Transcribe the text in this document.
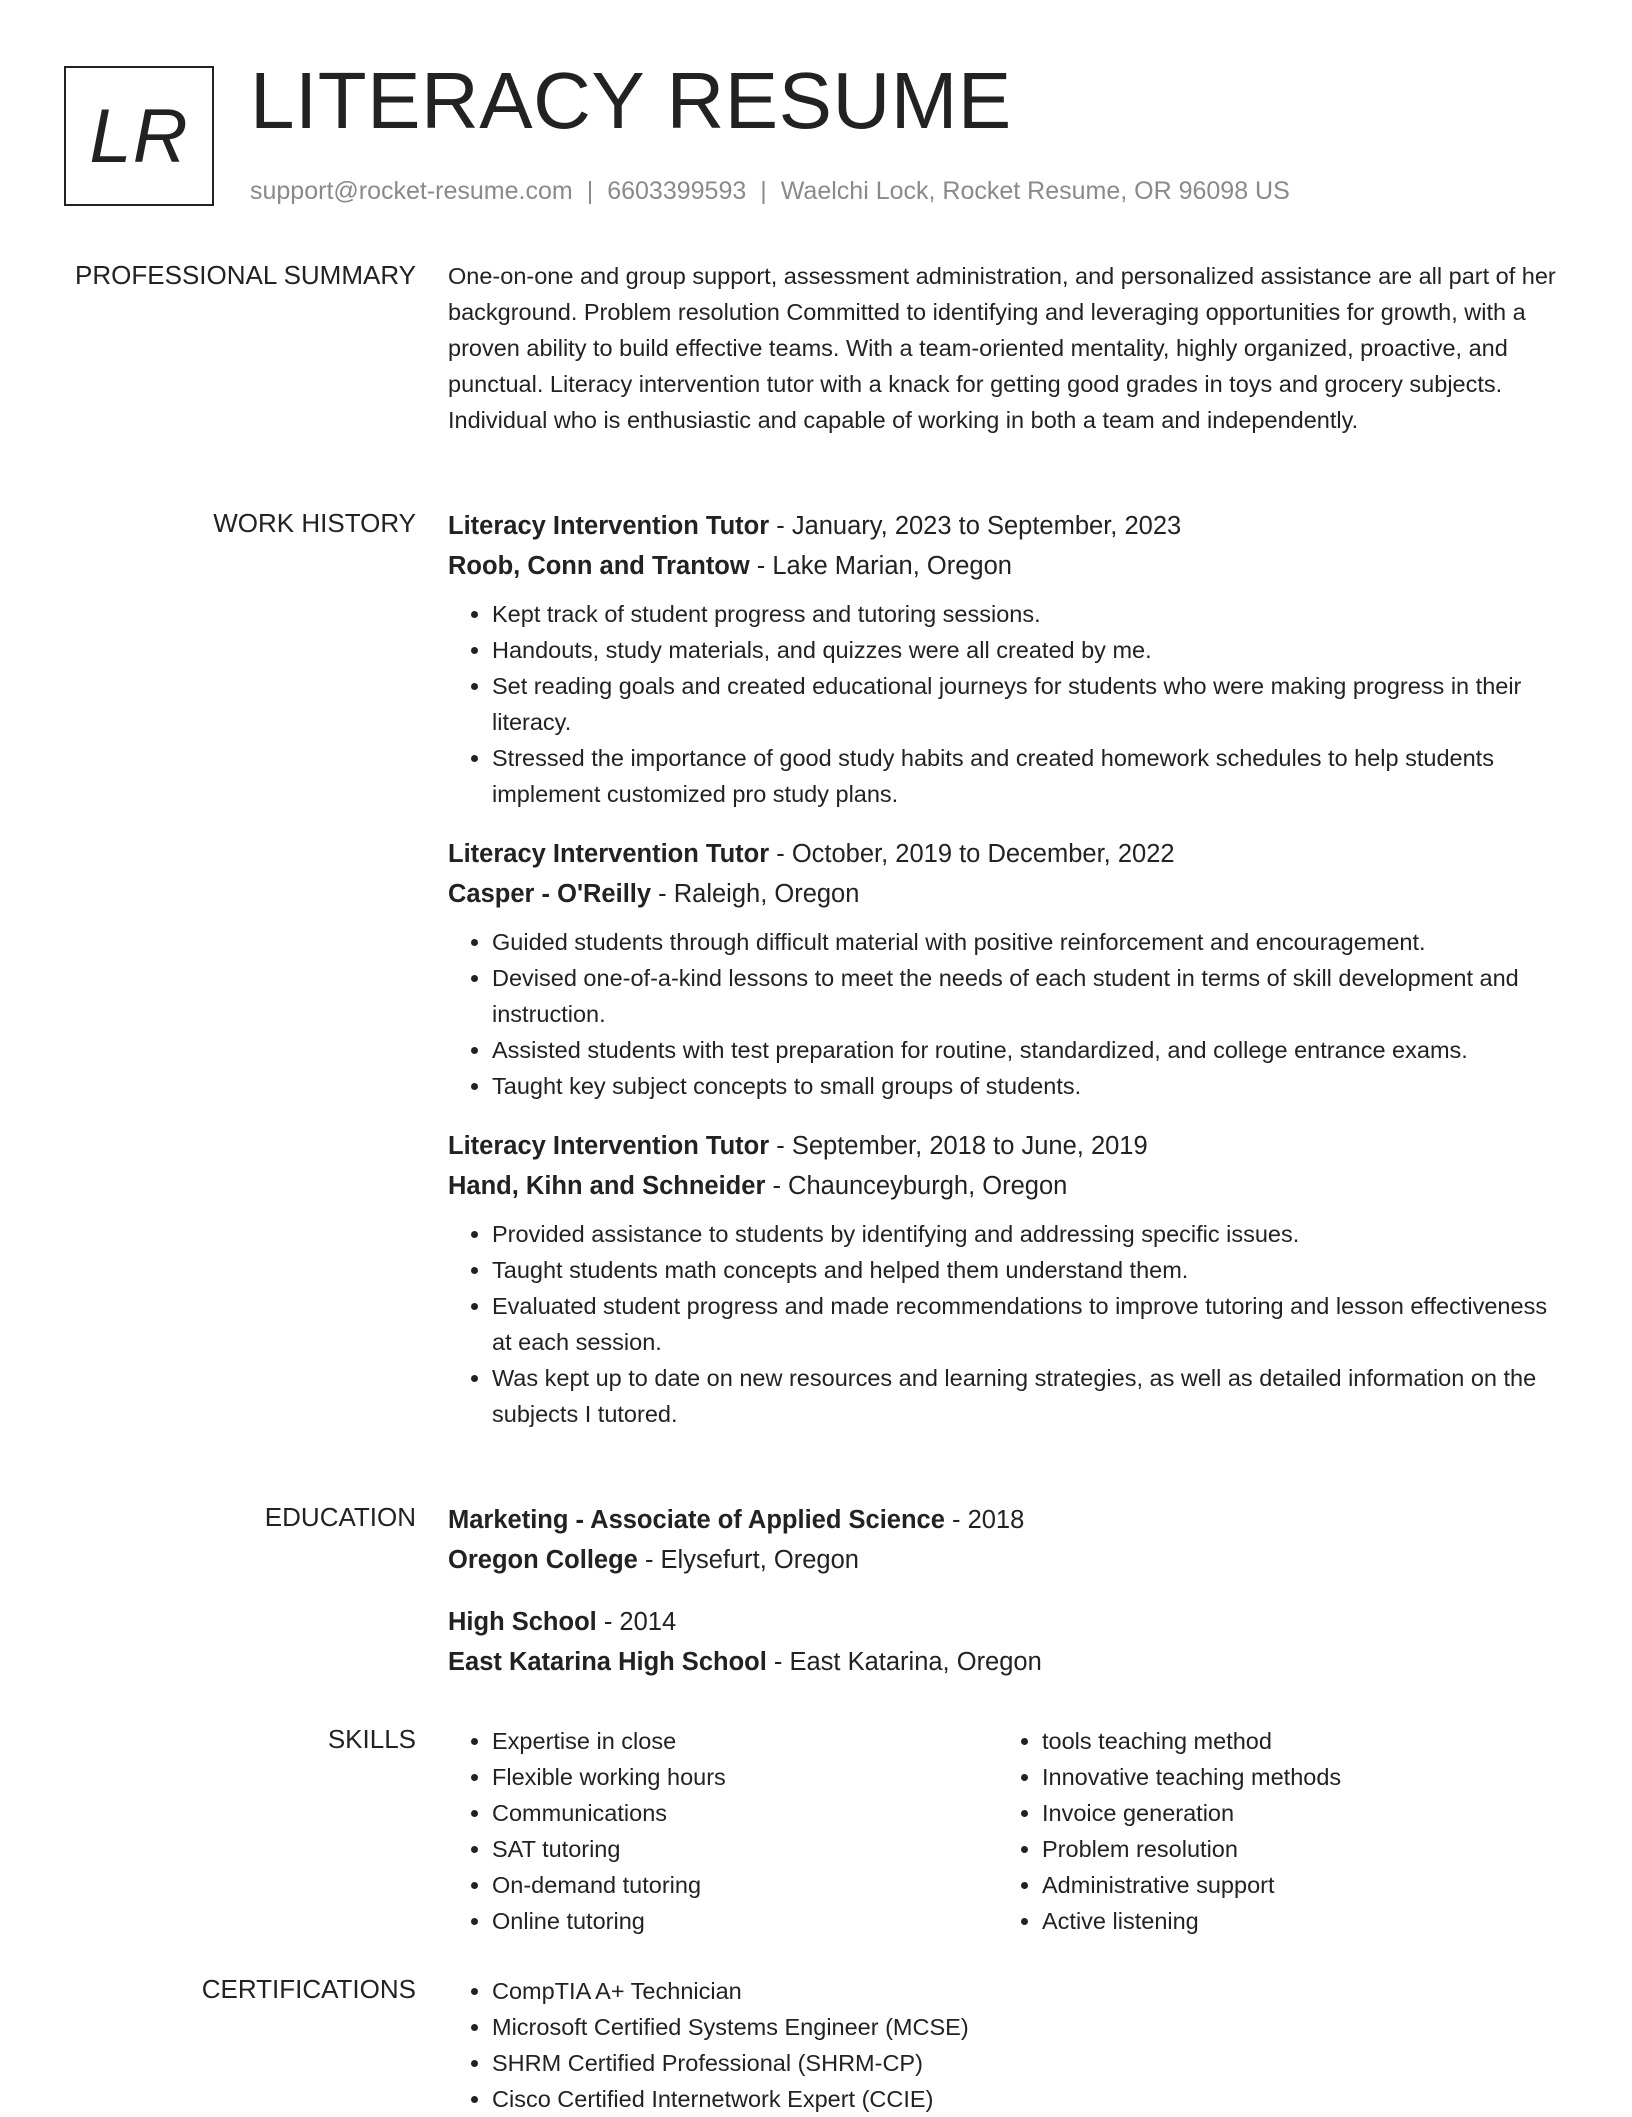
LR LITERACY RESUME
support@rocket-resume.com | 6603399593 | Waelchi Lock, Rocket Resume, OR 96098 US
PROFESSIONAL SUMMARY One-on-one and group support, assessment administration, and personalized assistance are all part of her background. Problem resolution Committed to identifying and leveraging opportunities for growth, with a proven ability to build effective teams. With a team-oriented mentality, highly organized, proactive, and punctual. Literacy intervention tutor with a knack for getting good grades in toys and grocery subjects. Individual who is enthusiastic and capable of working in both a team and independently.

WORK HISTORY Literacy Intervention Tutor - January, 2023 to September, 2023
Roob, Conn and Trantow - Lake Marian, Oregon
• Kept track of student progress and tutoring sessions.
• Handouts, study materials, and quizzes were all created by me.
• Set reading goals and created educational journeys for students who were making progress in their literacy.
• Stressed the importance of good study habits and created homework schedules to help students implement customized pro study plans.
Literacy Intervention Tutor - October, 2019 to December, 2022
Casper - O'Reilly - Raleigh, Oregon
• Guided students through difficult material with positive reinforcement and encouragement.
• Devised one-of-a-kind lessons to meet the needs of each student in terms of skill development and instruction.
• Assisted students with test preparation for routine, standardized, and college entrance exams.
• Taught key subject concepts to small groups of students.
Literacy Intervention Tutor - September, 2018 to June, 2019
Hand, Kihn and Schneider - Chaunceyburgh, Oregon
• Provided assistance to students by identifying and addressing specific issues.
• Taught students math concepts and helped them understand them.
• Evaluated student progress and made recommendations to improve tutoring and lesson effectiveness at each session.
• Was kept up to date on new resources and learning strategies, as well as detailed information on the subjects I tutored.
EDUCATION Marketing - Associate of Applied Science - 2018
Oregon College - Elysefurt, Oregon
High School - 2014
East Katarina High School - East Katarina, Oregon
SKILLS	• Expertise in close
• Flexible working hours
• Communications
• SAT tutoring
• On-demand tutoring
• Online tutoring
• tools teaching method
• Innovative teaching methods
• Invoice generation
• Problem resolution
• Administrative support
• Active listening
CERTIFICATIONS	• CompTIA A+ Technician
• Microsoft Certified Systems Engineer (MCSE)
• SHRM Certified Professional (SHRM-CP)
• Cisco Certified Internetwork Expert (CCIE)
